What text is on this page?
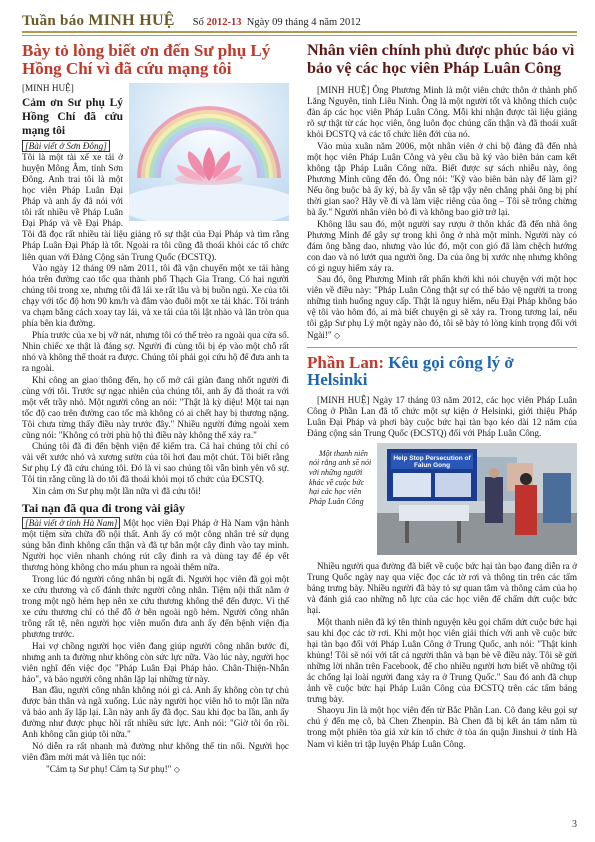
Tuần báo MINH HUỆ	Số 2012-13 Ngày 09 tháng 4 năm 2012
Bày tỏ lòng biết ơn đến Sư phụ Lý Hồng Chí vì đã cứu mạng tôi

[MINH HUỆ]

Cảm ơn Sư phụ Lý Hồng Chí đã cứu mạng tôi

[Bài viết ở Sơn Đông] Tôi là một tài xế xe tải ở huyện Mông Âm, tỉnh Sơn Đông. Anh trai tôi là một học viên Pháp Luân Đại Pháp và anh ấy đã nói với tôi rất nhiều về Pháp Luân Đại Pháp và về Đại Pháp. Tôi đã đọc rất nhiều tài liệu giảng rõ sự thật của Đại Pháp và tìm rằng Pháp Luân Đại Pháp là tốt. Ngoài ra tôi cũng đã thoái khỏi các tổ chức liên quan với Đảng Cộng sản Trung Quốc (ĐCSTQ).

Vào ngày 12 tháng 09 năm 2011, tôi đã vận chuyển một xe tải hàng hóa trên đường cao tốc qua thành phố Thạch Gia Trang. Có hai người chúng tôi trong xe, nhưng tôi đã lái xe rất lâu và bị buồn ngủ. Xe của tôi chạy với tốc độ hơn 90 km/h và đâm vào đuôi một xe tải khác. Tôi tránh va chạm bằng cách xoay tay lái, và xe tải của tôi lật nhào và lăn tròn qua phía bên kia đường.

Phía trước của xe bị vỡ nát, nhưng tôi có thể trèo ra ngoài qua cửa sổ. Nhìn chiếc xe thật là đáng sợ. Người đi cùng tôi bị ép vào một chỗ rất nhỏ và không thể thoát ra được. Chúng tôi phải gọi cứu hộ để đưa anh ta ra ngoài.

Khi công an giao thông đến, họ cố mở cái giàn đang nhốt người đi cùng với tôi. Trước sự ngạc nhiên của chúng tôi, anh ấy đã thoát ra với một vết trầy nhỏ. Một người công an nói: "Thật là kỳ diệu! Một tai nạn tốc độ cao trên đường cao tốc mà không có ai chết hay bị thương nặng. Tôi chưa từng thấy điều này trước đây." Nhiều người đứng ngoài xem cũng nói: "Không có trời phù hộ thì điều này không thể xảy ra."

Chúng tôi đã đi đến bệnh viện để kiểm tra. Cả hai chúng tôi chỉ có vài vết xước nhỏ và xương sườn của tôi hơi đau một chút. Tôi biết rằng Sư phụ Lý đã cứu chúng tôi. Đó là vì sao chúng tôi vẫn bình yên vô sự. Tôi tin rằng cũng là do tôi đã thoái khỏi mọi tổ chức của ĐCSTQ.

Xin cảm ơn Sư phụ một lần nữa vì đã cứu tôi!

Tai nạn đã qua đi trong vài giây

[Bài viết ở tỉnh Hà Nam] Một học viên Đại Pháp ở Hà Nam vận hành một tiệm sửa chữa đồ nội thất. Anh ấy có một công nhân trẻ sử dụng súng bắn đinh không cẩn thận và đã tự bắn một cây đinh vào tay mình. Người học viên nhanh chóng rút cây đinh ra và dùng tay để ép vết thương hòng không cho máu phun ra ngoài thêm nữa.

Trong lúc đó người công nhân bị ngất đi. Người học viên đã gọi một xe cứu thương và cố đánh thức người công nhân. Tiệm nội thất nằm ở trong một ngõ hẻm hẹp nên xe cứu thương không thể đến được. Vì thế xe cứu thương chỉ có thể đỗ ở bên ngoài ngõ hẻm. Người công nhân trông rất tệ, nên người học viên muốn đưa anh ấy đến bệnh viện địa phương trước.

Hai vợ chồng người học viên đang giúp người công nhân bước đi, nhưng anh ta đường như không còn sức lực nữa. Vào lúc này, người học viên nghĩ đến việc đọc "Pháp Luân Đại Pháp hảo. Chân-Thiện-Nhẫn hảo", và bảo người công nhân lặp lại những từ này.

Ban đầu, người công nhân không nói gì cả. Anh ấy không còn tự chủ được bản thân và ngã xuống. Lúc này người học viên hô to một lần nữa và bảo anh ấy lặp lại. Lần này anh ấy đã đọc. Sau khi đọc ba lần, anh ấy đường như được phục hồi rất nhiều sức lực. Anh nói: "Giờ tôi ổn rồi. Anh không cần giúp tôi nữa."

Nó diễn ra rất nhanh mà đường như không thể tin nổi. Người học viên đầm mời mát và liên tục nói:

"Cảm tạ Sư phụ! Cảm tạ Sư phụ!" ◇

Nhân viên chính phủ được phúc báo vì bảo vệ các học viên Pháp Luân Công

[MINH HUỆ] Ông Phương Minh là một viên chức thôn ở thành phố Lăng Nguyên, tỉnh Liêu Ninh. Ông là một người tốt và không thích cuộc đàn áp các học viên Pháp Luân Công. Mỗi khi nhận được tài liệu giảng rõ sự thật từ các học viên, ông luôn đọc chúng cẩn thận và đã thoái xuất khỏi ĐCSTQ và các tổ chức liên đới của nó.

Vào mùa xuân năm 2006, một nhân viên ở chi bộ đảng đã đến nhà một học viên Pháp Luân Công và yêu cầu bà ký vào biên bản cam kết không tập Pháp Luân Công nữa. Biết được sự sách nhiễu này, ông Phương Minh cũng đến đó. Ông nói: "Kỹ vào biên bản này để làm gì? Nếu ông buộc bà ấy ký, bà ấy vẫn sẽ tập vậy nên chẳng phải ông bị phí thời gian sao? Hãy về đi và làm việc riêng của ông – Tôi sẽ trông chừng bà ấy." Người nhân viên bỏ đi và không bao giờ trở lại.

Không lâu sau đó, một người say rượu ở thôn khác đã đến nhà ông Phương Minh để gây sự trong khi ông ở nhà một mình. Người này có đám ông bằng dao, nhưng vào lúc đó, một con gió đã làm chệch hướng con dao và nó lướt qua người ông. Da của ông bị xước nhẹ nhưng không có gì nguy hiểm xảy ra.

Sau đó, ông Phương Minh rất phấn khởi khi nói chuyện với một học viên về điều này: "Pháp Luân Công thật sự có thể bảo vệ người ta trong những tình huống nguy cấp. Thật là nguy hiểm, nếu Đại Pháp không bảo vệ tôi vào hôm đó, ai mà biết chuyện gì sẽ xảy ra. Trong tương lai, nếu tôi gặp Sư phụ Lý một ngày nào đó, tôi sẽ bày tỏ lòng kính trọng đối với Ngài!" ◇

Phần Lan: Kêu gọi công lý ở Helsinki

[MINH HUỆ] Ngày 17 tháng 03 năm 2012, các học viên Pháp Luân Công ở Phần Lan đã tổ chức một sự kiện ở Helsinki, giới thiệu Pháp Luân Đại Pháp và phơi bày cuộc bức hại tàn bạo kéo dài 12 năm của Đảng cộng sản Trung Quốc (ĐCSTQ) đối với Pháp Luân Công.

Help Stop Persecution of Falun Gong

Một thanh niên nói rằng anh sẽ nói với những người khác về cuộc bức hại các học viên Pháp Luân Công

Nhiều người qua đường đã biết về cuộc bức hại tàn bạo đang diễn ra ở Trung Quốc ngày nay qua việc đọc các tờ rơi và thông tin trên các tấm bảng trưng bày. Nhiều người đã bày tỏ sự quan tâm và thông cảm của họ và đánh giá cao những nỗ lực của các học viên để chấm dứt cuộc bức hại.

Một thanh niên đã ký tên thỉnh nguyện kêu gọi chấm dứt cuộc bức hại sau khi đọc các tờ rơi. Khi một học viên giải thích với anh về cuộc bức hại tàn bạo đối với Pháp Luân Công ở Trung Quốc, anh nói: "Thật kinh khủng! Tôi sẽ nói với tất cả người thân và bạn bè về điều này. Tôi sẽ gửi những lời nhắn trên Facebook, để cho nhiều người hơn biết về những tội ác chống lại loài người đang xảy ra ở Trung Quốc." Sau đó anh đã chụp ảnh về cuộc bức hại Pháp Luân Công của ĐCSTQ trên các tấm bảng trưng bày.

Shaoyu Jin là một học viên đến từ Bắc Phần Lan. Cô đang kêu gọi sự chú ý đến mẹ cô, bà Chen Zhenpin. Bà Chen đã bị kết án tám năm tù trong một phiên tòa giả xử kín tổ chức ở tòa án quận Jinshui ở tỉnh Hà Nam vì kiên trì tập luyện Pháp Luân Công.

3
